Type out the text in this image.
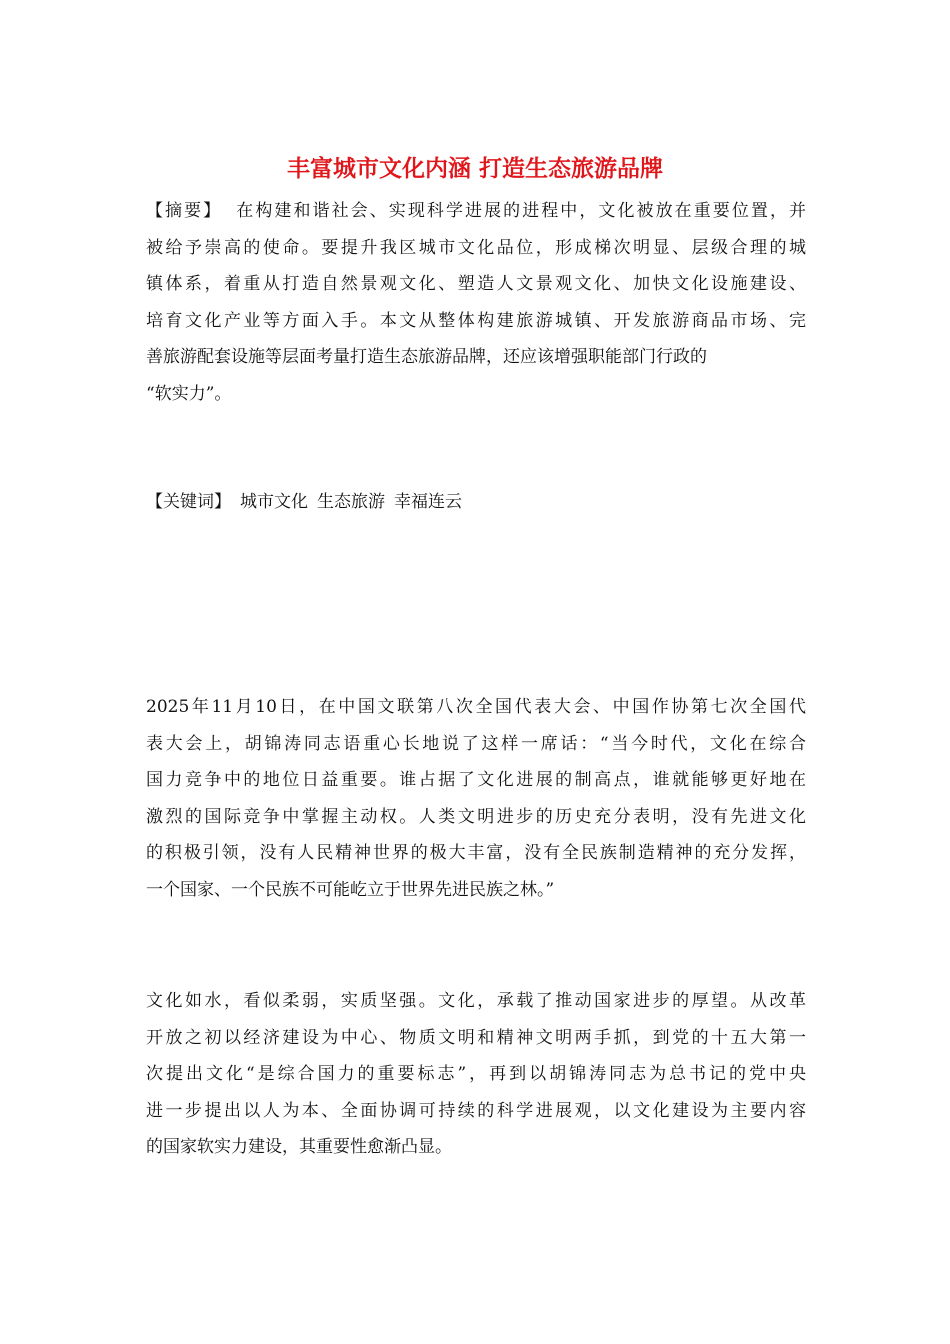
丰富城市文化内涵 打造生态旅游品牌
【摘要】 在构建和谐社会、实现科学进展的进程中，文化被放在重要位置，并
被给予崇高的使命。要提升我区城市文化品位，形成梯次明显、层级合理的城
镇体系，着重从打造自然景观文化、塑造人文景观文化、加快文化设施建设、
培育文化产业等方面入手。本文从整体构建旅游城镇、开发旅游商品市场、完
善旅游配套设施等层面考量打造生态旅游品牌，还应该增强职能部门行政的
“软实力”。
【关键词】 城市文化 生态旅游 幸福连云
2025年11月10日，在中国文联第八次全国代表大会、中国作协第七次全国代
表大会上，胡锦涛同志语重心长地说了这样一席话：“当今时代，文化在综合
国力竞争中的地位日益重要。谁占据了文化进展的制高点，谁就能够更好地在
激烈的国际竞争中掌握主动权。人类文明进步的历史充分表明，没有先进文化
的积极引领，没有人民精神世界的极大丰富，没有全民族制造精神的充分发挥，
一个国家、一个民族不可能屹立于世界先进民族之林。”
文化如水，看似柔弱，实质坚强。文化，承载了推动国家进步的厚望。从改革
开放之初以经济建设为中心、物质文明和精神文明两手抓，到党的十五大第一
次提出文化“是综合国力的重要标志”，再到以胡锦涛同志为总书记的党中央
进一步提出以人为本、全面协调可持续的科学进展观，以文化建设为主要内容
的国家软实力建设，其重要性愈渐凸显。
